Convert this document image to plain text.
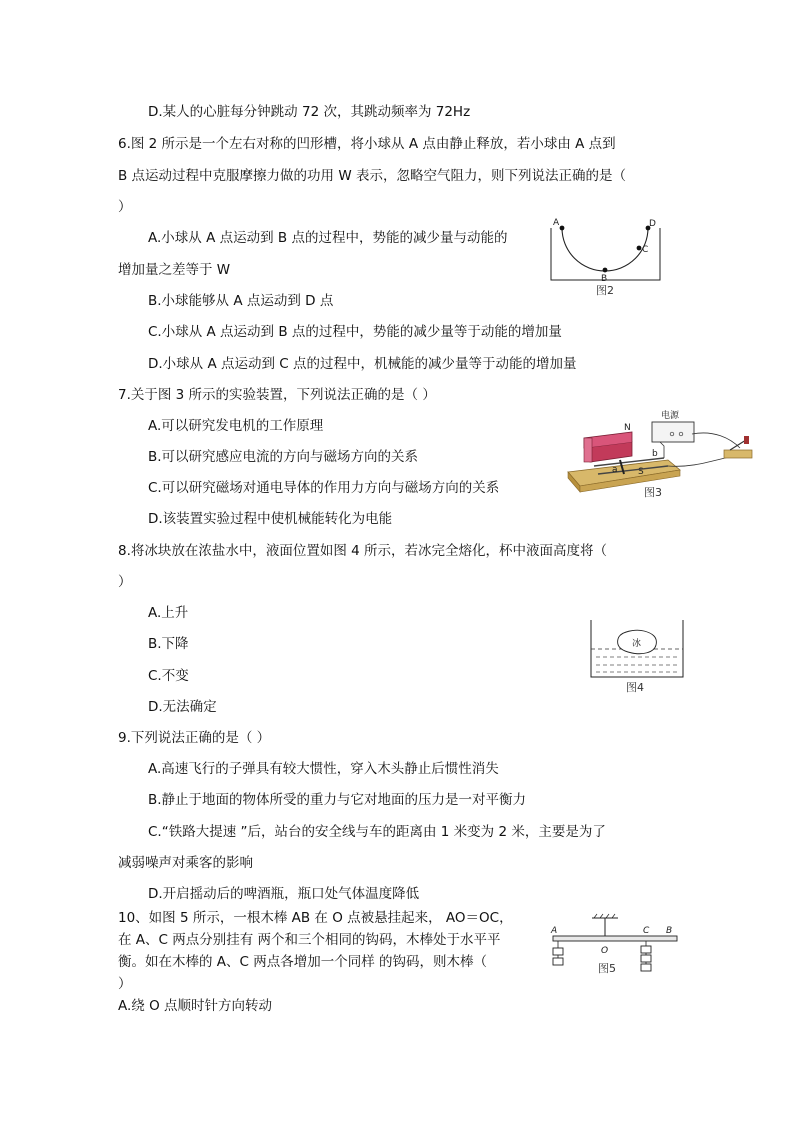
D.某人的心脏每分钟跳动 72 次，其跳动频率为 72Hz
6.图 2 所示是一个左右对称的凹形槽，将小球从 A 点由静止释放，若小球由 A 点到
B 点运动过程中克服摩擦力做的功用 W 表示，忽略空气阻力，则下列说法正确的是（
）
A.小球从 A 点运动到 B 点的过程中，势能的减少量与动能的
增加量之差等于 W
B.小球能够从 A 点运动到 D 点
C.小球从 A 点运动到 B 点的过程中，势能的减少量等于动能的增加量
D.小球从 A 点运动到 C 点的过程中，机械能的减少量等于动能的增加量
A	D
B
C
图2
7.关于图 3 所示的实验装置，下列说法正确的是（ ）
A.可以研究发电机的工作原理
B.可以研究感应电流的方向与磁场方向的关系
C.可以研究磁场对通电导体的作用力方向与磁场方向的关系
D.该装置实验过程中使机械能转化为电能
电源
N
S
a
b
图3
8.将冰块放在浓盐水中，液面位置如图 4 所示，若冰完全熔化，杯中液面高度将（
）
A.上升
B.下降
C.不变
D.无法确定
冰
图4
9.下列说法正确的是（ ）
A.高速飞行的子弹具有较大惯性，穿入木头静止后惯性消失
B.静止于地面的物体所受的重力与它对地面的压力是一对平衡力
C.“铁路大提速 ”后，站台的安全线与车的距离由 1 米变为 2 米，主要是为了
减弱噪声对乘客的影响
D.开启摇动后的啤酒瓶，瓶口处气体温度降低
10、如图 5 所示，一根木棒 AB 在 O 点被悬挂起来， AO＝OC，
在 A、C 两点分别挂有 两个和三个相同的钩码，木棒处于水平平
衡。如在木棒的 A、C 两点各增加一个同样 的钩码，则木棒（
）
A.绕 O 点顺时针方向转动
A
O
C B
图5
